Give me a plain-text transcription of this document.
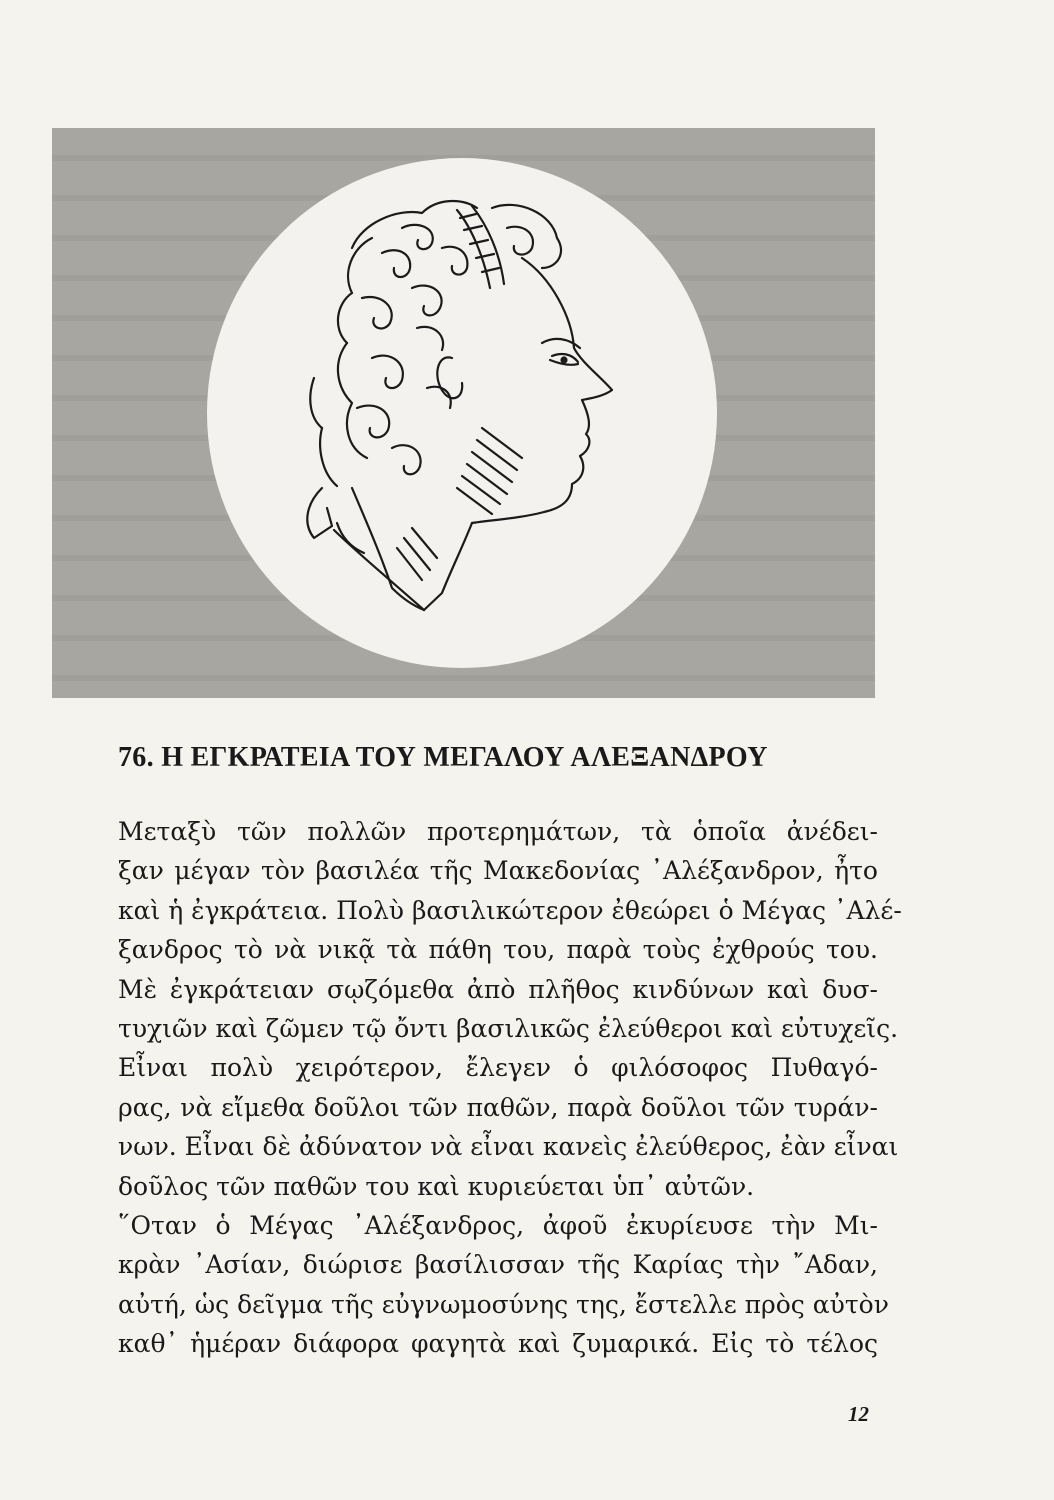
76. Η ΕΓΚΡΑΤΕΙΑ ΤΟΥ ΜΕΓΑΛΟΥ ΑΛΕΞΑΝΔΡΟΥ
Μεταξὺ τῶν πολλῶν προτερημάτων, τὰ ὁποῖα ἀνέδει-
ξαν μέγαν τὸν βασιλέα τῆς Μακεδονίας ᾿Αλέξανδρον, ἦτο
καὶ ἡ ἐγκράτεια. Πολὺ βασιλικώτερον ἐθεώρει ὁ Μέγας ᾿Αλέ-
ξανδρος τὸ νὰ νικᾷ τὰ πάθη του, παρὰ τοὺς ἐχθρούς του.
Μὲ ἐγκράτειαν σῳζόμεθα ἀπὸ πλῆθος κινδύνων καὶ δυσ-
τυχιῶν καὶ ζῶμεν τῷ ὄντι βασιλικῶς ἐλεύθεροι καὶ εὐτυχεῖς.
Εἶναι πολὺ χειρότερον, ἔλεγεν ὁ φιλόσοφος Πυθαγό-
ρας, νὰ εἴμεθα δοῦλοι τῶν παθῶν, παρὰ δοῦλοι τῶν τυράν-
νων. Εἶναι δὲ ἀδύνατον νὰ εἶναι κανεὶς ἐλεύθερος, ἐὰν εἶναι
δοῦλος τῶν παθῶν του καὶ κυριεύεται ὑπ᾿ αὐτῶν.
῞Οταν ὁ Μέγας ᾿Αλέξανδρος, ἀφοῦ ἐκυρίευσε τὴν Μι-
κρὰν ᾿Ασίαν, διώρισε βασίλισσαν τῆς Καρίας τὴν ῎Αδαν,
αὐτή, ὡς δεῖγμα τῆς εὐγνωμοσύνης της, ἔστελλε πρὸς αὐτὸν
καθ᾿ ἡμέραν διάφορα φαγητὰ καὶ ζυμαρικά. Εἰς τὸ τέλος
12
